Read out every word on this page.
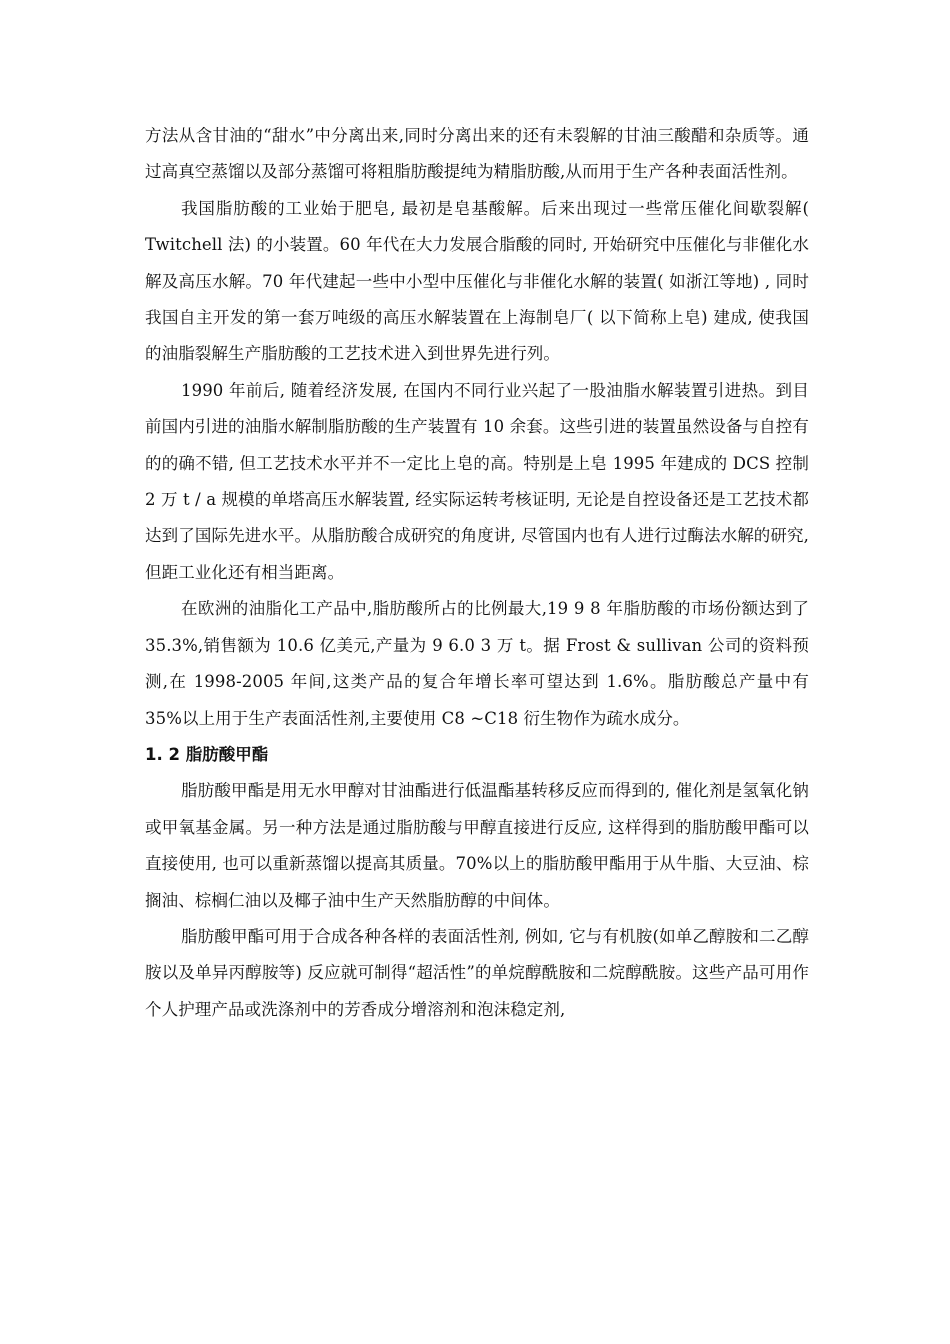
方法从含甘油的“甜水”中分离出来,同时分离出来的还有未裂解的甘油三酸醋和杂质等。通过高真空蒸馏以及部分蒸馏可将粗脂肪酸提纯为精脂肪酸,从而用于生产各种表面活性剂。

我国脂肪酸的工业始于肥皂, 最初是皂基酸解。后来出现过一些常压催化间歇裂解( Twitchell 法) 的小装置。60 年代在大力发展合脂酸的同时, 开始研究中压催化与非催化水解及高压水解。70 年代建起一些中小型中压催化与非催化水解的装置( 如浙江等地) , 同时我国自主开发的第一套万吨级的高压水解装置在上海制皂厂( 以下简称上皂) 建成, 使我国的油脂裂解生产脂肪酸的工艺技术进入到世界先进行列。

1990 年前后, 随着经济发展, 在国内不同行业兴起了一股油脂水解装置引进热。到目前国内引进的油脂水解制脂肪酸的生产装置有 10 余套。这些引进的装置虽然设备与自控有的的确不错, 但工艺技术水平并不一定比上皂的高。特别是上皂 1995 年建成的 DCS 控制 2 万 t / a 规模的单塔高压水解装置, 经实际运转考核证明, 无论是自控设备还是工艺技术都达到了国际先进水平。从脂肪酸合成研究的角度讲, 尽管国内也有人进行过酶法水解的研究, 但距工业化还有相当距离。

在欧洲的油脂化工产品中,脂肪酸所占的比例最大,19 9 8 年脂肪酸的市场份额达到了 35.3%,销售额为 10.6 亿美元,产量为 9 6.0 3 万 t。据 Frost & sullivan 公司的资料预测,在 1998-2005 年间,这类产品的复合年增长率可望达到 1.6%。脂肪酸总产量中有 35%以上用于生产表面活性剂,主要使用 C8 ~C18 衍生物作为疏水成分。

1. 2 脂肪酸甲酯

脂肪酸甲酯是用无水甲醇对甘油酯进行低温酯基转移反应而得到的, 催化剂是氢氧化钠或甲氧基金属。另一种方法是通过脂肪酸与甲醇直接进行反应, 这样得到的脂肪酸甲酯可以直接使用, 也可以重新蒸馏以提高其质量。70%以上的脂肪酸甲酯用于从牛脂、大豆油、棕搁油、棕榈仁油以及椰子油中生产天然脂肪醇的中间体。

脂肪酸甲酯可用于合成各种各样的表面活性剂, 例如, 它与有机胺(如单乙醇胺和二乙醇胺以及单异丙醇胺等) 反应就可制得“超活性”的单烷醇酰胺和二烷醇酰胺。这些产品可用作个人护理产品或洗涤剂中的芳香成分增溶剂和泡沫稳定剂,
